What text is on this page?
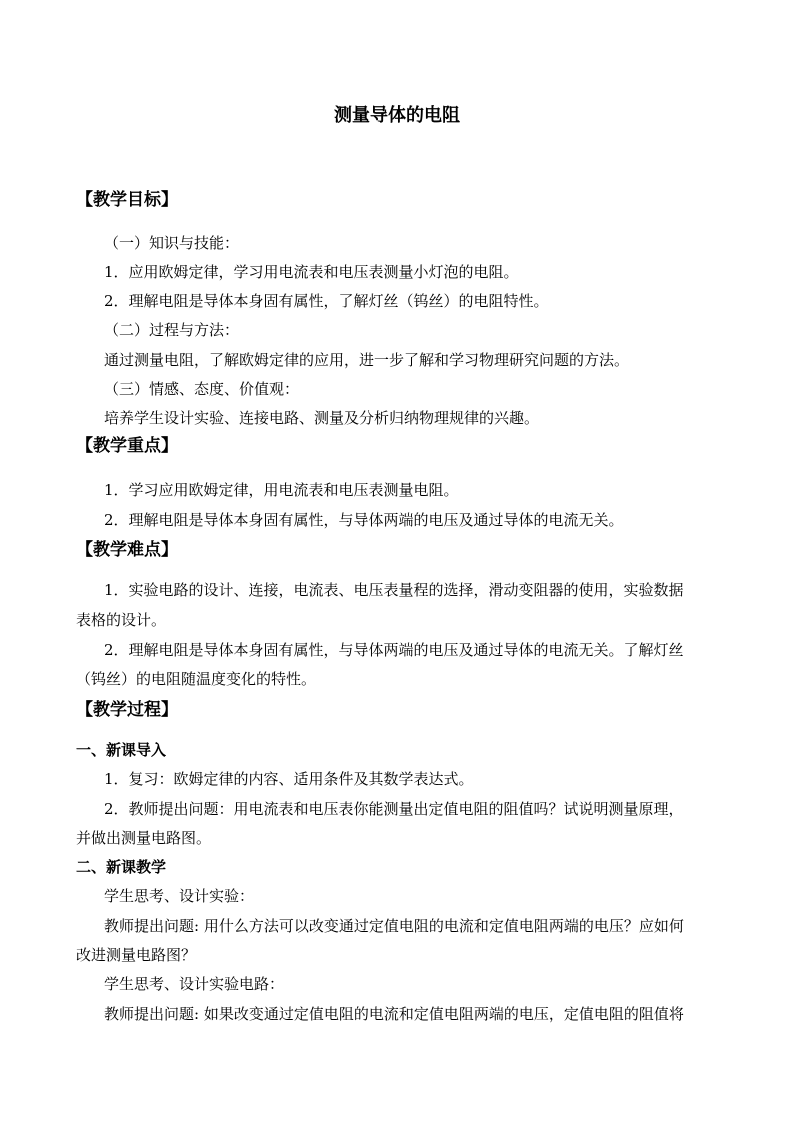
测量导体的电阻
【教学目标】
（一）知识与技能：
1．应用欧姆定律，学习用电流表和电压表测量小灯泡的电阻。
2．理解电阻是导体本身固有属性，了解灯丝（钨丝）的电阻特性。
（二）过程与方法：
通过测量电阻，了解欧姆定律的应用，进一步了解和学习物理研究问题的方法。
（三）情感、态度、价值观：
培养学生设计实验、连接电路、测量及分析归纳物理规律的兴趣。
【教学重点】
1．学习应用欧姆定律，用电流表和电压表测量电阻。
2．理解电阻是导体本身固有属性，与导体两端的电压及通过导体的电流无关。
【教学难点】
1．实验电路的设计、连接，电流表、电压表量程的选择，滑动变阻器的使用，实验数据
表格的设计。
2．理解电阻是导体本身固有属性，与导体两端的电压及通过导体的电流无关。了解灯丝
（钨丝）的电阻随温度变化的特性。
【教学过程】
一、新课导入
1．复习：欧姆定律的内容、适用条件及其数学表达式。
2．教师提出问题：用电流表和电压表你能测量出定值电阻的阻值吗？试说明测量原理，
并做出测量电路图。
二、新课教学
学生思考、设计实验：
教师提出问题: 用什么方法可以改变通过定值电阻的电流和定值电阻两端的电压？应如何
改进测量电路图？
学生思考、设计实验电路：
教师提出问题: 如果改变通过定值电阻的电流和定值电阻两端的电压，定值电阻的阻值将
